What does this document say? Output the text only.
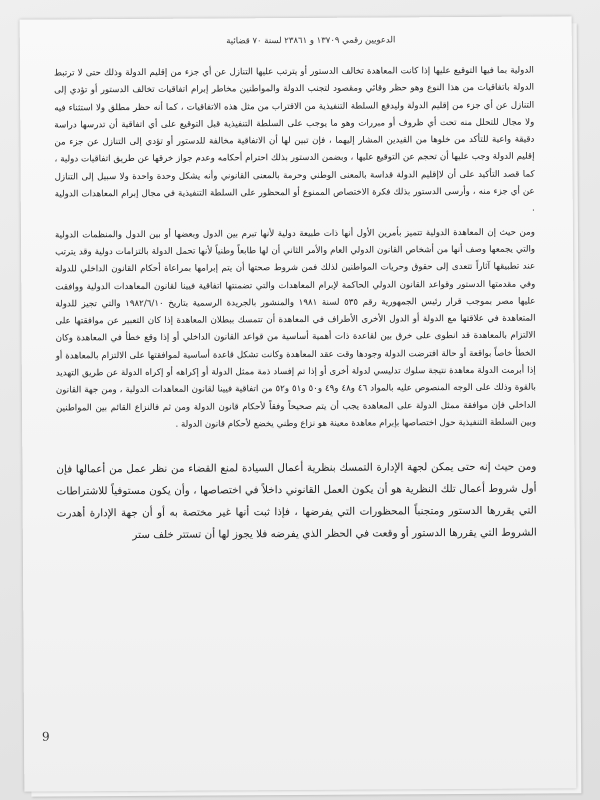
الدعويين رقمي ١٣٧٠٩ و ٢٣٨٦١ لسنة ٧٠ قضائية

الدولية بما فيها التوقيع عليها إذا كانت المعاهدة تخالف الدستور أو يترتب عليها التنازل عن أي جزء من إقليم الدولة وذلك حتى لا ترتبط الدولة باتفاقيات من هذا النوع وهو حظر وقائي ومقصود لتجنب الدولة والمواطنين مخاطر إبرام اتفاقيات تخالف الدستور أو تؤدي إلى التنازل عن أي جزء من إقليم الدولة وليدفع السلطة التنفيذية من الاقتراب من مثل هذه الاتفاقيات ، كما أنه حظر مطلق ولا استثناء فيه ولا مجال للتحلل منه تحت أي ظروف أو مبررات وهو ما يوجب على السلطة التنفيذية قبل التوقيع على أي اتفاقية أن تدرسها دراسة دقيقة واعية للتأكد من خلوها من القيدين المشار إليهما ، فإن تبين لها أن الاتفاقية مخالفة للدستور أو تؤدي إلى التنازل عن جزء من إقليم الدولة وجب عليها أن تحجم عن التوقيع عليها ، وبضمن الدستور بذلك احترام أحكامه وعدم جواز خرقها عن طريق اتفاقيات دولية ، كما قصد التأكيد على أن لاإقليم الدولة قداسة بالمعنى الوطني وحرمة بالمعنى القانوني وأنه يشكل وحدة واحدة ولا سبيل إلى التنازل عن أي جزء منه ، وأرسى الدستور بذلك فكرة الاختصاص الممنوع أو المحظور على السلطة التنفيذية في مجال إبرام المعاهدات الدولية .

ومن حيث إن المعاهدة الدولية تتميز بأمرين الأول أنها ذات طبيعة دولية لأنها تبرم بين الدول وبعضها أو بين الدول والمنظمات الدولية والتي يجمعها وصف أنها من أشخاص القانون الدولي العام والأمر الثاني أن لها طابعاً وطنياً لأنها تحمل الدولة بالتزامات دولية وقد يترتب عند تطبيقها آثاراً تتعدى إلى حقوق وحريات المواطنين لذلك فمن شروط صحتها أن يتم إبرامها بمراعاة أحكام القانون الداخلي للدولة وفي مقدمتها الدستور وقواعد القانون الدولي الحاكمة لإبرام المعاهدات والتي تضمنتها اتفاقية فيينا لقانون المعاهدات الدولية ووافقت عليها مصر بموجب قرار رئيس الجمهورية رقم ٥٣٥ لسنة ١٩٨١ والمنشور بالجريدة الرسمية بتاريخ ١٩٨٢/٦/١٠ والتي تجيز للدولة المتعاهدة في علاقتها مع الدولة أو الدول الأخرى الأطراف في المعاهدة أن تتمسك ببطلان المعاهدة إذا كان التعبير عن موافقتها على الالتزام بالمعاهدة قد انطوى على خرق بين لقاعدة ذات أهمية أساسية من قواعد القانون الداخلي أو إذا وقع خطأ في المعاهدة وكان الخطأ خاصاً بواقعة أو حالة افترضت الدولة وجودها وقت عقد المعاهدة وكانت تشكل قاعدة أساسية لموافقتها على الالتزام بالمعاهدة أو إذا أبرمت الدولة معاهدة نتيجة سلوك تدليسي لدولة أخرى أو إذا تم إفساد ذمة ممثل الدولة أو إكراهه أو إكراه الدولة عن طريق التهديد بالقوة وذلك على الوجه المنصوص عليه بالمواد ٤٦ و٤٨ و٤٩ و٥٠ و٥١ و٥٢ من اتفاقية فيينا لقانون المعاهدات الدولية ، ومن جهة القانون الداخلي فإن موافقة ممثل الدولة على المعاهدة يجب أن يتم صحيحاً وفقاً لأحكام قانون الدولة ومن ثم فالنزاع القائم بين المواطنين وبين السلطة التنفيذية حول اختصاصها بإبرام معاهدة معينة هو نزاع وطني يخضع لأحكام قانون الدولة .

ومن حيث إنه حتى يمكن لجهة الإدارة التمسك بنظرية أعمال السيادة لمنع القضاء من نظر عمل من أعمالها فإن أول شروط أعمال تلك النظرية هو أن يكون العمل القانوني داخلاً في اختصاصها ، وأن يكون مستوفياً للاشتراطات التي يقررها الدستور ومتجنباً المحظورات التي يفرضها ، فإذا ثبت أنها غير مختصة به أو أن جهة الإدارة أهدرت الشروط التي يقررها الدستور أو وقعت في الحظر الذي يفرضه فلا يجوز لها أن تستتر خلف ستر

9
